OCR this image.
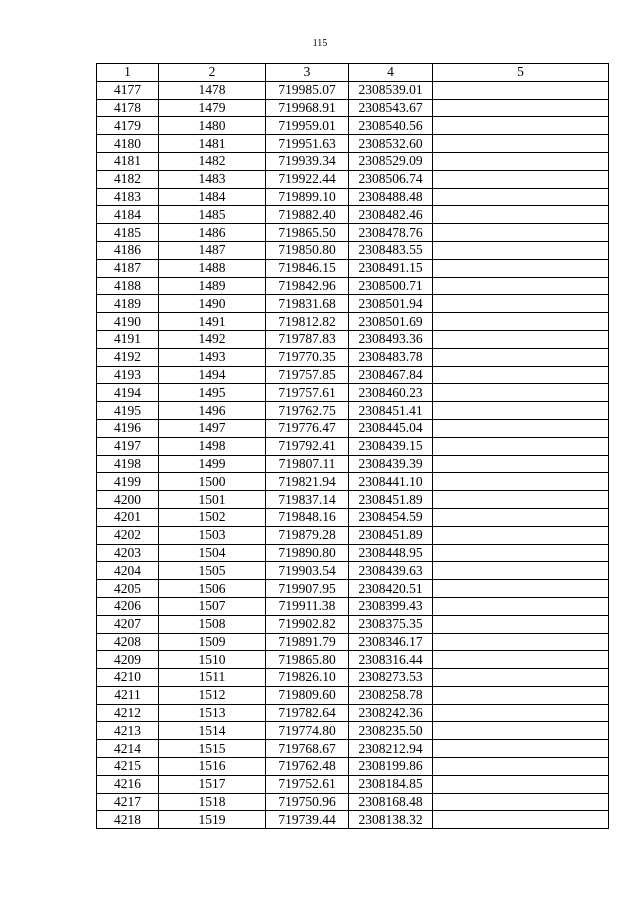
115
1	2	3	4	5
4177	1478	719985.07	2308539.01	
4178	1479	719968.91	2308543.67	
4179	1480	719959.01	2308540.56	
4180	1481	719951.63	2308532.60	
4181	1482	719939.34	2308529.09	
4182	1483	719922.44	2308506.74	
4183	1484	719899.10	2308488.48	
4184	1485	719882.40	2308482.46	
4185	1486	719865.50	2308478.76	
4186	1487	719850.80	2308483.55	
4187	1488	719846.15	2308491.15	
4188	1489	719842.96	2308500.71	
4189	1490	719831.68	2308501.94	
4190	1491	719812.82	2308501.69	
4191	1492	719787.83	2308493.36	
4192	1493	719770.35	2308483.78	
4193	1494	719757.85	2308467.84	
4194	1495	719757.61	2308460.23	
4195	1496	719762.75	2308451.41	
4196	1497	719776.47	2308445.04	
4197	1498	719792.41	2308439.15	
4198	1499	719807.11	2308439.39	
4199	1500	719821.94	2308441.10	
4200	1501	719837.14	2308451.89	
4201	1502	719848.16	2308454.59	
4202	1503	719879.28	2308451.89	
4203	1504	719890.80	2308448.95	
4204	1505	719903.54	2308439.63	
4205	1506	719907.95	2308420.51	
4206	1507	719911.38	2308399.43	
4207	1508	719902.82	2308375.35	
4208	1509	719891.79	2308346.17	
4209	1510	719865.80	2308316.44	
4210	1511	719826.10	2308273.53	
4211	1512	719809.60	2308258.78	
4212	1513	719782.64	2308242.36	
4213	1514	719774.80	2308235.50	
4214	1515	719768.67	2308212.94	
4215	1516	719762.48	2308199.86	
4216	1517	719752.61	2308184.85	
4217	1518	719750.96	2308168.48	
4218	1519	719739.44	2308138.32	
